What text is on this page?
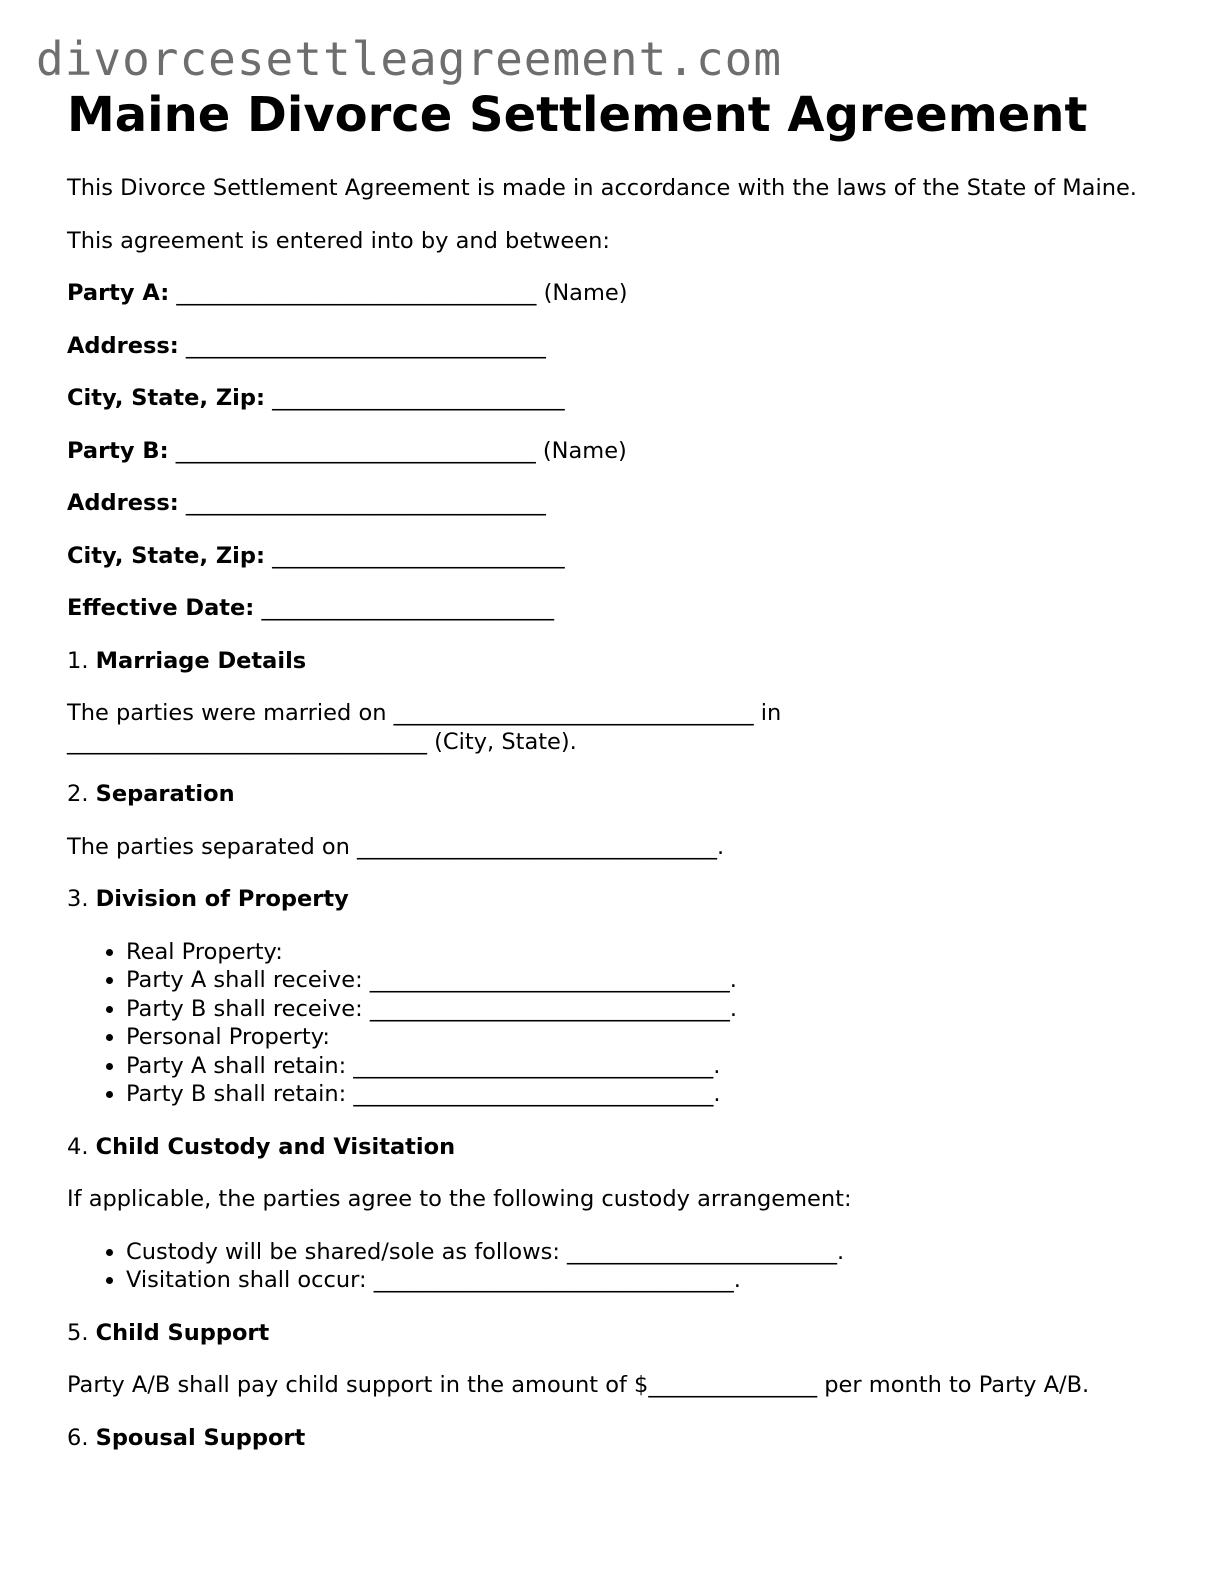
divorcesettleagreement.com
Maine Divorce Settlement Agreement

This Divorce Settlement Agreement is made in accordance with the laws of the State of Maine.

This agreement is entered into by and between:

Party A: ________________________________ (Name)

Address: ________________________________

City, State, Zip: __________________________

Party B: ________________________________ (Name)

Address: ________________________________

City, State, Zip: __________________________

Effective Date: __________________________

1. Marriage Details

The parties were married on ________________________________ in ________________________________ (City, State).

2. Separation

The parties separated on ________________________________.

3. Division of Property
• Real Property:
• Party A shall receive: ________________________________.
• Party B shall receive: ________________________________.
• Personal Property:
• Party A shall retain: ________________________________.
• Party B shall retain: ________________________________.
4. Child Custody and Visitation

If applicable, the parties agree to the following custody arrangement:

• Custody will be shared/sole as follows: ________________________.
• Visitation shall occur: ________________________________.
5. Child Support

Party A/B shall pay child support in the amount of $_______________ per month to Party A/B.

6. Spousal Support
